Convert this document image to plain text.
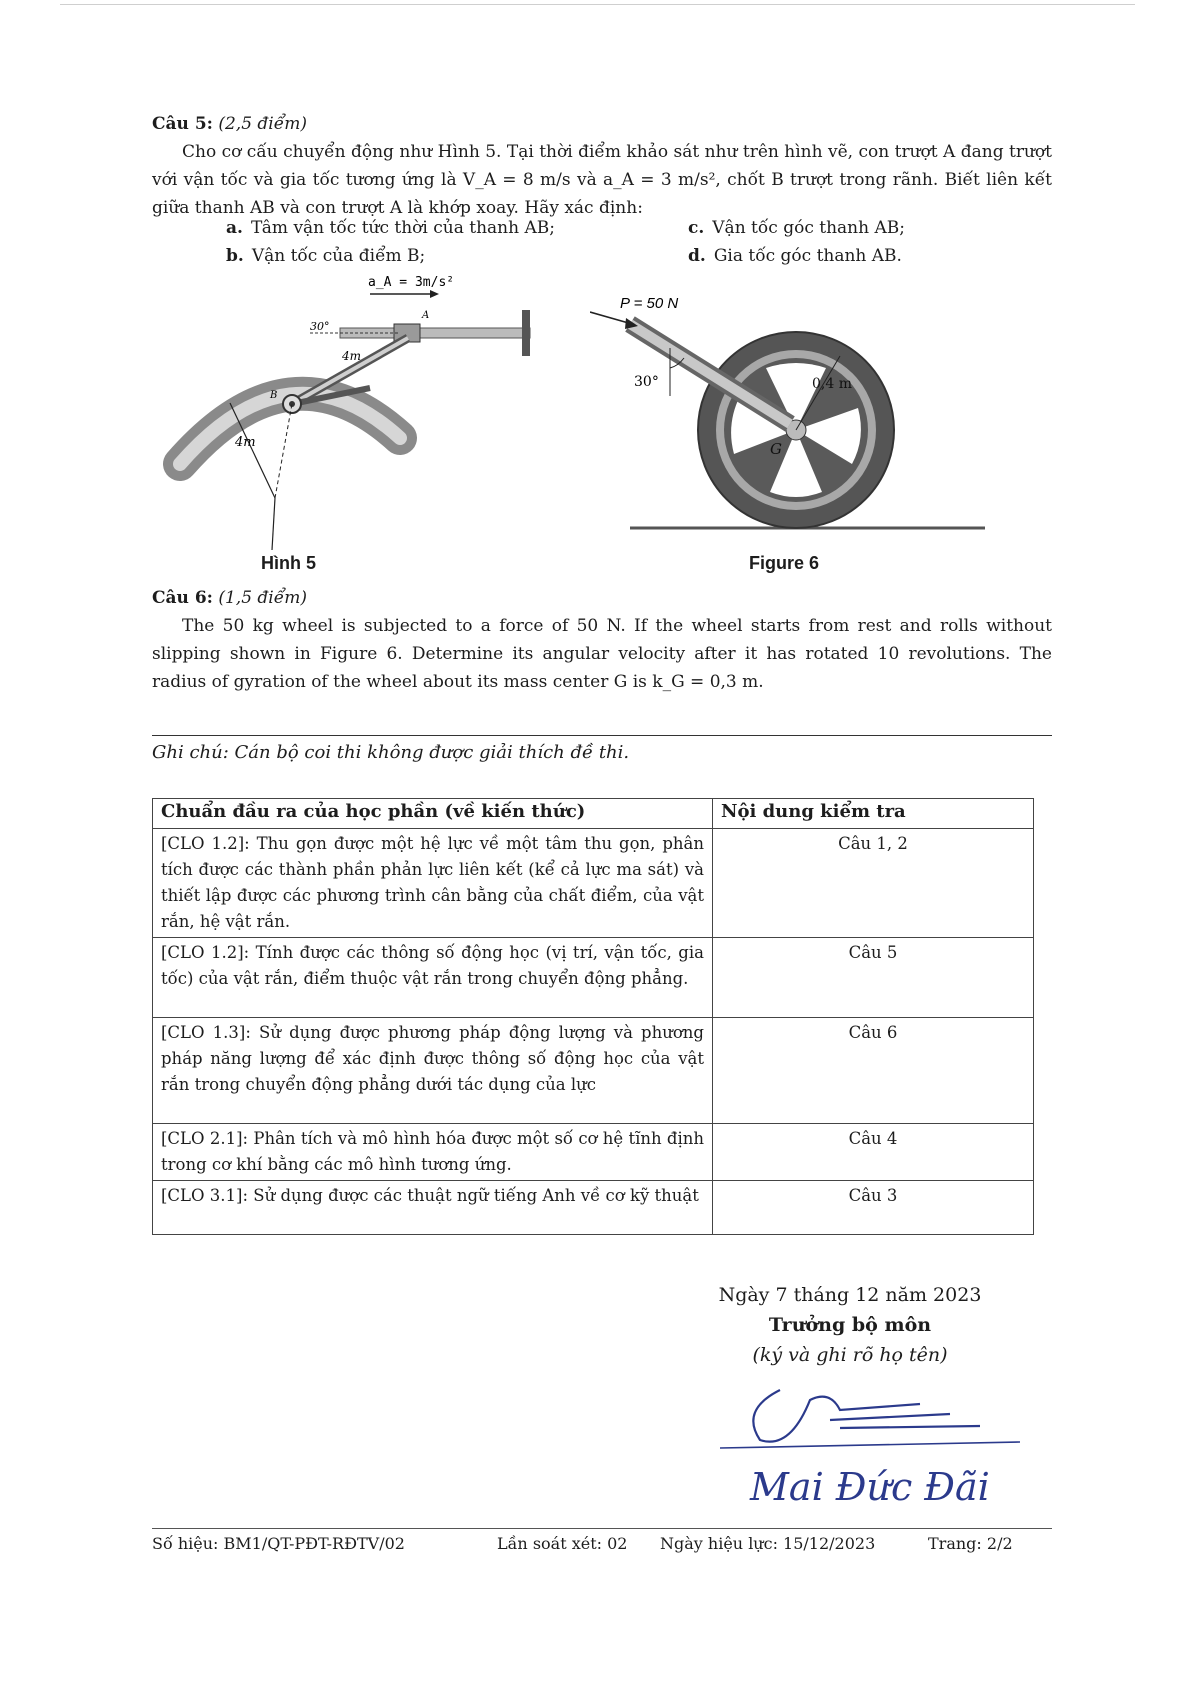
Câu 5: (2,5 điểm)

Cho cơ cấu chuyển động như Hình 5. Tại thời điểm khảo sát như trên hình vẽ, con trượt A đang trượt với vận tốc và gia tốc tương ứng là V_A = 8 m/s và a_A = 3 m/s², chốt B trượt trong rãnh. Biết liên kết giữa thanh AB và con trượt A là khớp xoay. Hãy xác định:

a. Tâm vận tốc tức thời của thanh AB;
b. Vận tốc của điểm B;
c. Vận tốc góc thanh AB;
d. Gia tốc góc thanh AB.
a_A = 3m/s²
30°
4m
4m
A
B
Hình 5
P = 50 N
30°	0,4 m
G
Figure 6
Câu 6: (1,5 điểm)

The 50 kg wheel is subjected to a force of 50 N. If the wheel starts from rest and rolls without slipping shown in Figure 6. Determine its angular velocity after it has rotated 10 revolutions. The radius of gyration of the wheel about its mass center G is k_G = 0,3 m.

Ghi chú: Cán bộ coi thi không được giải thích đề thi.
Chuẩn đầu ra của học phần (về kiến thức)	Nội dung kiểm tra
[CLO 1.2]: Thu gọn được một hệ lực về một tâm thu gọn, phân tích được các thành phần phản lực liên kết (kể cả lực ma sát) và thiết lập được các phương trình cân bằng của chất điểm, của vật rắn, hệ vật rắn.	Câu 1, 2
[CLO 1.2]: Tính được các thông số động học (vị trí, vận tốc, gia tốc) của vật rắn, điểm thuộc vật rắn trong chuyển động phẳng.	Câu 5
[CLO 1.3]: Sử dụng được phương pháp động lượng và phương pháp năng lượng để xác định được thông số động học của vật rắn trong chuyển động phẳng dưới tác dụng của lực	Câu 6
[CLO 2.1]: Phân tích và mô hình hóa được một số cơ hệ tĩnh định trong cơ khí bằng các mô hình tương ứng.	Câu 4
[CLO 3.1]: Sử dụng được các thuật ngữ tiếng Anh về cơ kỹ thuật	Câu 3
Ngày 7 tháng 12 năm 2023
Trưởng bộ môn
(ký và ghi rõ họ tên)
Mai Đức Đãi
Số hiệu: BM1/QT-PĐT-RĐTV/02	Lần soát xét: 02 Ngày hiệu lực: 15/12/2023	Trang: 2/2
